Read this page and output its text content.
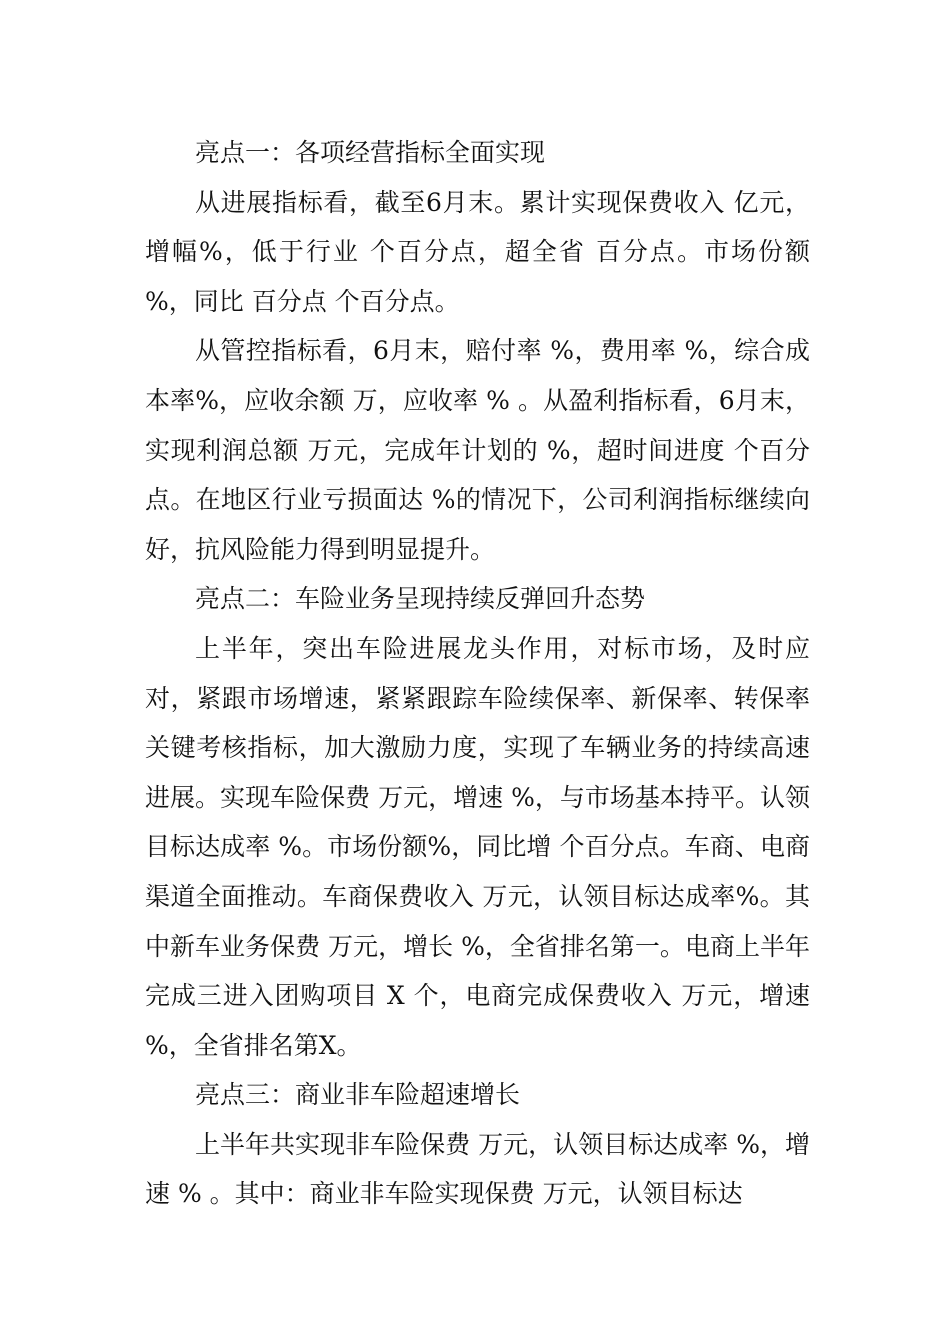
亮点一：各项经营指标全面实现

从进展指标看，截至6月末。累计实现保费收入 亿元，增幅%，低于行业 个百分点，超全省 百分点。市场份额 %，同比 百分点 个百分点。

从管控指标看，6月末，赔付率 %，费用率 %，综合成本率%，应收余额 万，应收率 % 。从盈利指标看，6月末，实现利润总额 万元，完成年计划的 %，超时间进度 个百分点。在地区行业亏损面达 %的情况下，公司利润指标继续向好，抗风险能力得到明显提升。

亮点二：车险业务呈现持续反弹回升态势

上半年，突出车险进展龙头作用，对标市场，及时应对，紧跟市场增速，紧紧跟踪车险续保率、新保率、转保率关键考核指标，加大激励力度，实现了车辆业务的持续高速进展。实现车险保费 万元，增速 %，与市场基本持平。认领目标达成率 %。市场份额%，同比增 个百分点。车商、电商渠道全面推动。车商保费收入 万元，认领目标达成率%。其中新车业务保费 万元，增长 %，全省排名第一。电商上半年完成三进入团购项目 X 个，电商完成保费收入 万元，增速 %，全省排名第X。

亮点三：商业非车险超速增长

上半年共实现非车险保费 万元，认领目标达成率 %，增速 % 。其中：商业非车险实现保费 万元，认领目标达
